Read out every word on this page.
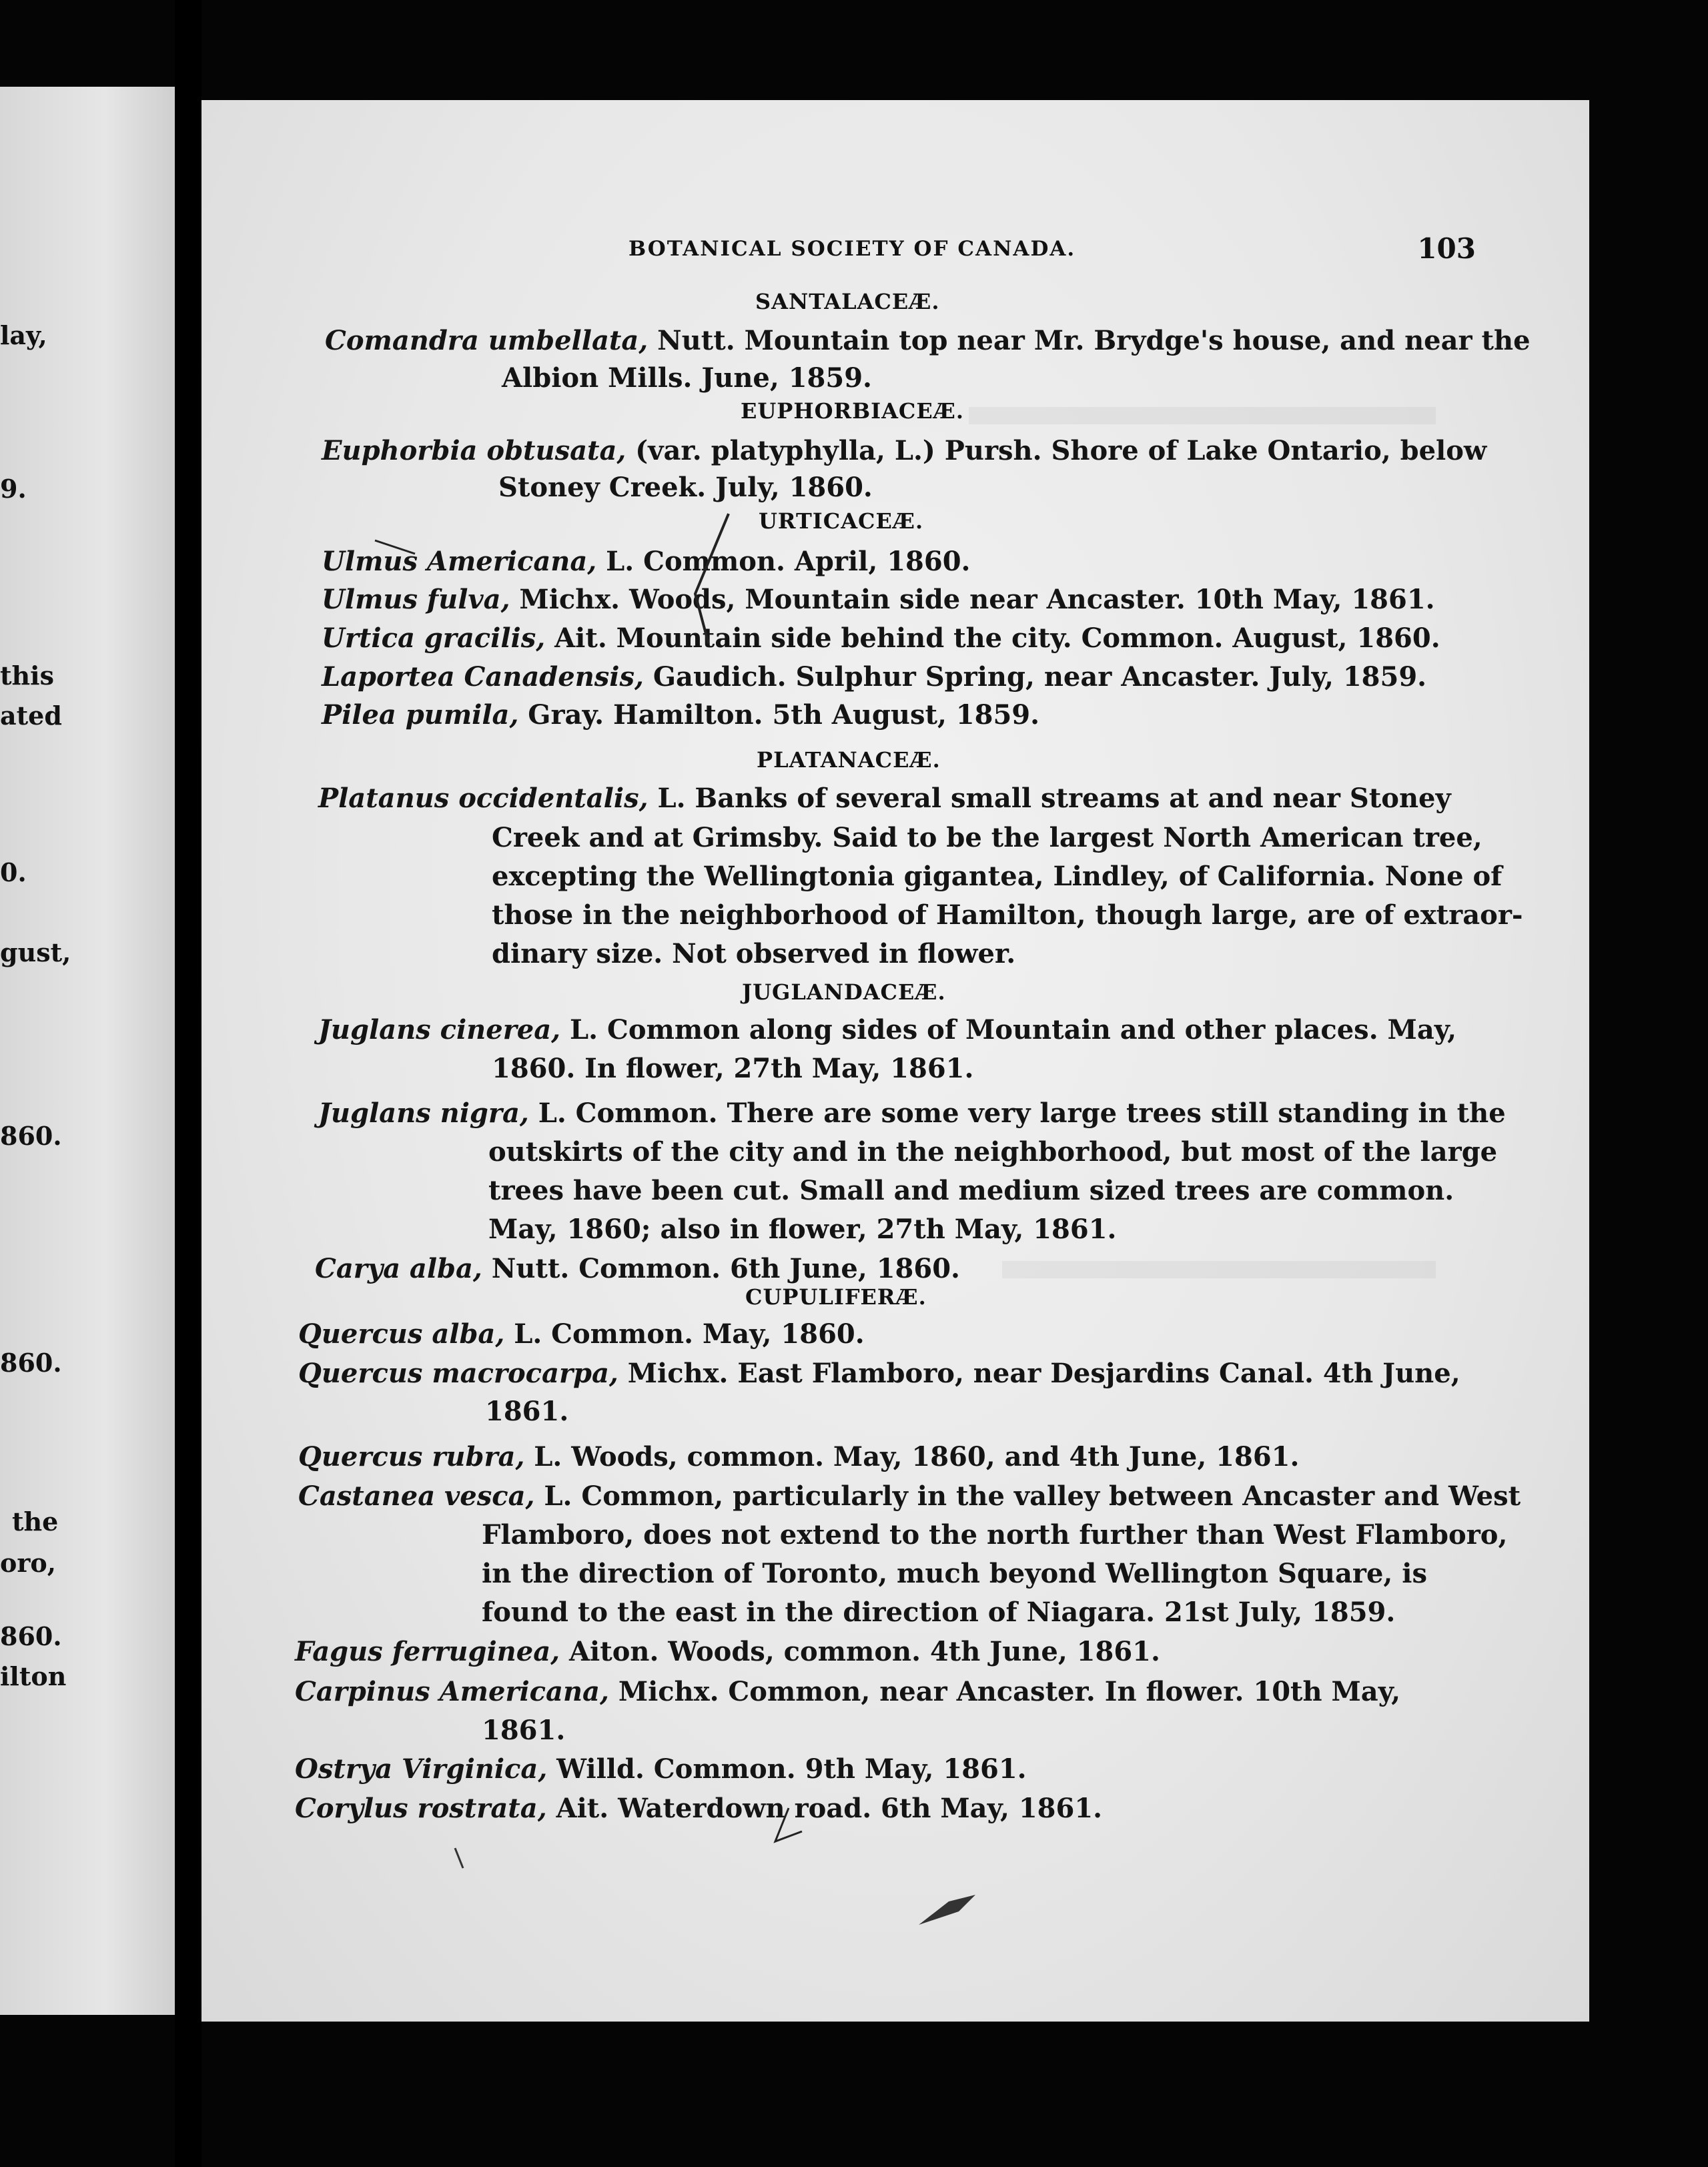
lay,
9.
this
ated
0.
gust,
860.
860.
the
oro,
860.
ilton
BOTANICAL SOCIETY OF CANADA.	103
SANTALACEÆ.
EUPHORBIACEÆ.
URTICACEÆ.
PLATANACEÆ.
JUGLANDACEÆ.
CUPULIFERÆ.
Comandra umbellata, Nutt. Mountain top near Mr. Brydge's house, and near the
Albion Mills. June, 1859.
Euphorbia obtusata, (var. platyphylla, L.) Pursh. Shore of Lake Ontario, below
Stoney Creek. July, 1860.
Ulmus Americana, L. Common. April, 1860.
Ulmus fulva, Michx. Woods, Mountain side near Ancaster. 10th May, 1861.
Urtica gracilis, Ait. Mountain side behind the city. Common. August, 1860.
Laportea Canadensis, Gaudich. Sulphur Spring, near Ancaster. July, 1859.
Pilea pumila, Gray. Hamilton. 5th August, 1859.
Platanus occidentalis, L. Banks of several small streams at and near Stoney
Creek and at Grimsby. Said to be the largest North American tree,
excepting the Wellingtonia gigantea, Lindley, of California. None of
those in the neighborhood of Hamilton, though large, are of extraor-
dinary size. Not observed in flower.
Juglans cinerea, L. Common along sides of Mountain and other places. May,
1860. In flower, 27th May, 1861.
Juglans nigra, L. Common. There are some very large trees still standing in the
outskirts of the city and in the neighborhood, but most of the large
trees have been cut. Small and medium sized trees are common.
May, 1860; also in flower, 27th May, 1861.
Carya alba, Nutt. Common. 6th June, 1860.
Quercus alba, L. Common. May, 1860.
Quercus macrocarpa, Michx. East Flamboro, near Desjardins Canal. 4th June,
1861.
Quercus rubra, L. Woods, common. May, 1860, and 4th June, 1861.
Castanea vesca, L. Common, particularly in the valley between Ancaster and West
Flamboro, does not extend to the north further than West Flamboro,
in the direction of Toronto, much beyond Wellington Square, is
found to the east in the direction of Niagara. 21st July, 1859.
Fagus ferruginea, Aiton. Woods, common. 4th June, 1861.
Carpinus Americana, Michx. Common, near Ancaster. In flower. 10th May,
1861.
Ostrya Virginica, Willd. Common. 9th May, 1861.
Corylus rostrata, Ait. Waterdown road. 6th May, 1861.
